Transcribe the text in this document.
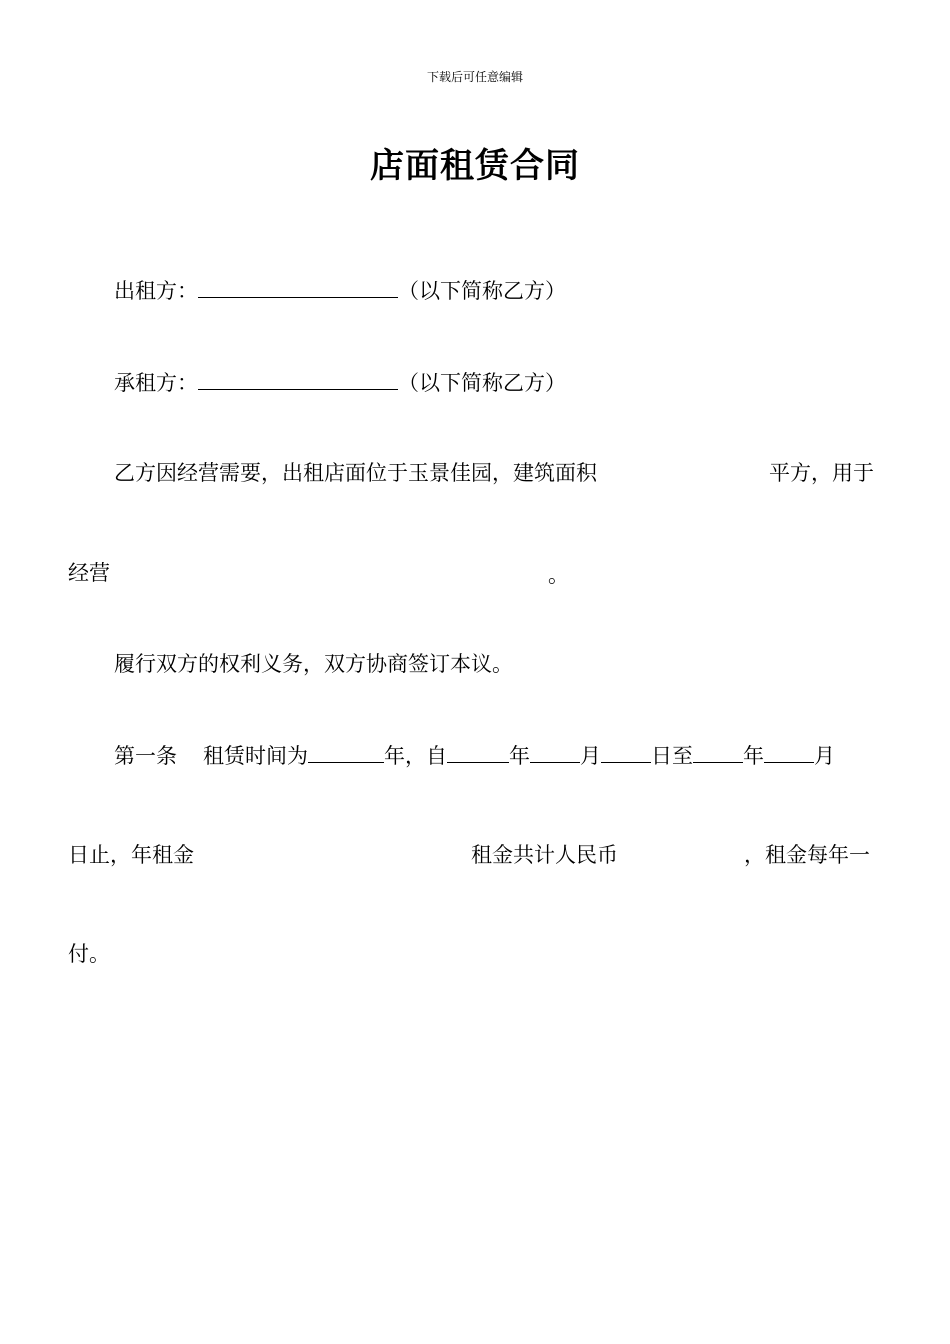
下载后可任意编辑
店面租赁合同
出租方：	（以下简称乙方）
承租方：	（以下简称乙方）
乙方因经营需要，出租店面位于玉景佳园，建筑面积	平方，用于
经营	。
履行双方的权利义务，双方协商签订本议。
第一条 租赁时间为	年，自	年 月 日至 年 月
日止，年租金	租金共计人民币	，租金每年一
付。
